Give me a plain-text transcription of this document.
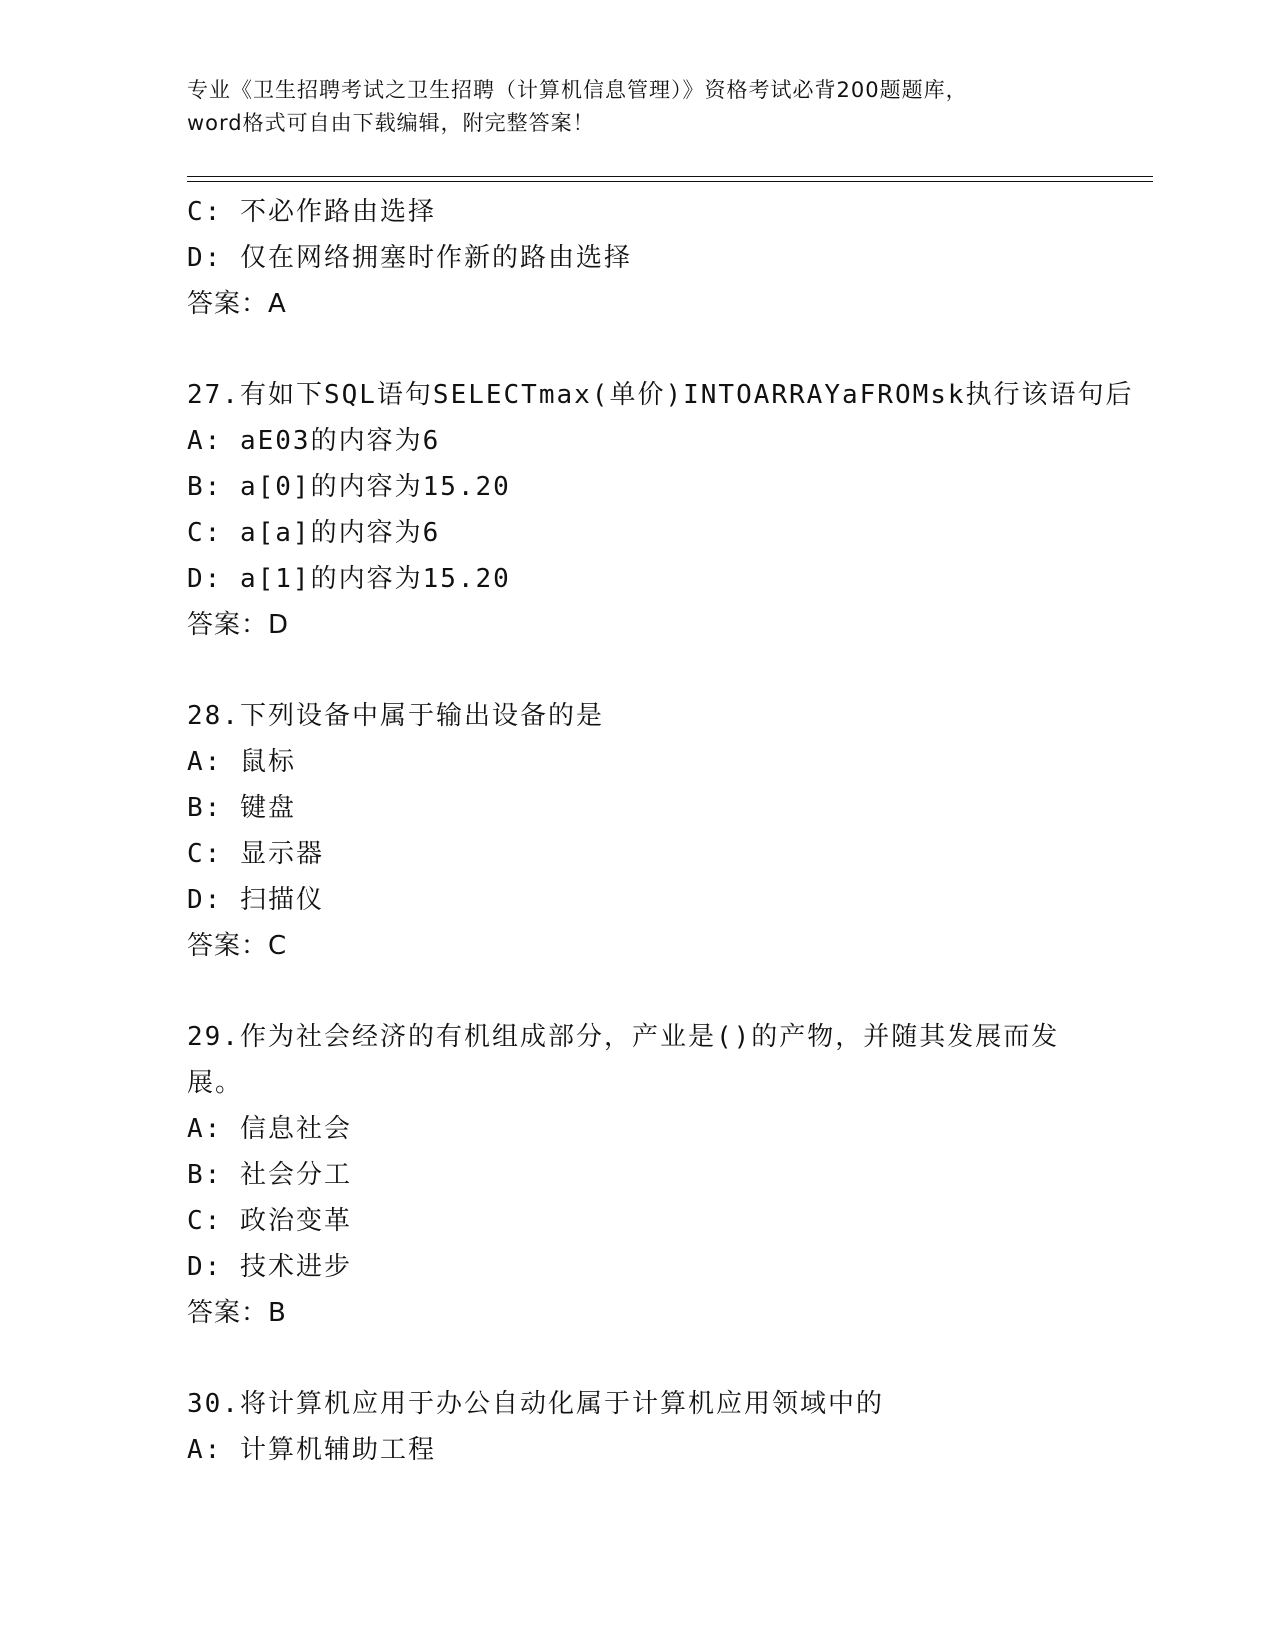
专业《卫生招聘考试之卫生招聘（计算机信息管理）》资格考试必背200题题库，
word格式可自由下载编辑，附完整答案！
C: 不必作路由选择
D: 仅在网络拥塞时作新的路由选择
答案：A
27.有如下SQL语句SELECTmax(单价)INTOARRAYaFROMsk执行该语句后
A: aE03的内容为6
B: a[0]的内容为15.20
C: a[a]的内容为6
D: a[1]的内容为15.20
答案：D
28.下列设备中属于输出设备的是
A: 鼠标
B: 键盘
C: 显示器
D: 扫描仪
答案：C
29.作为社会经济的有机组成部分，产业是()的产物，并随其发展而发展。
A: 信息社会
B: 社会分工
C: 政治变革
D: 技术进步
答案：B
30.将计算机应用于办公自动化属于计算机应用领域中的
A: 计算机辅助工程
